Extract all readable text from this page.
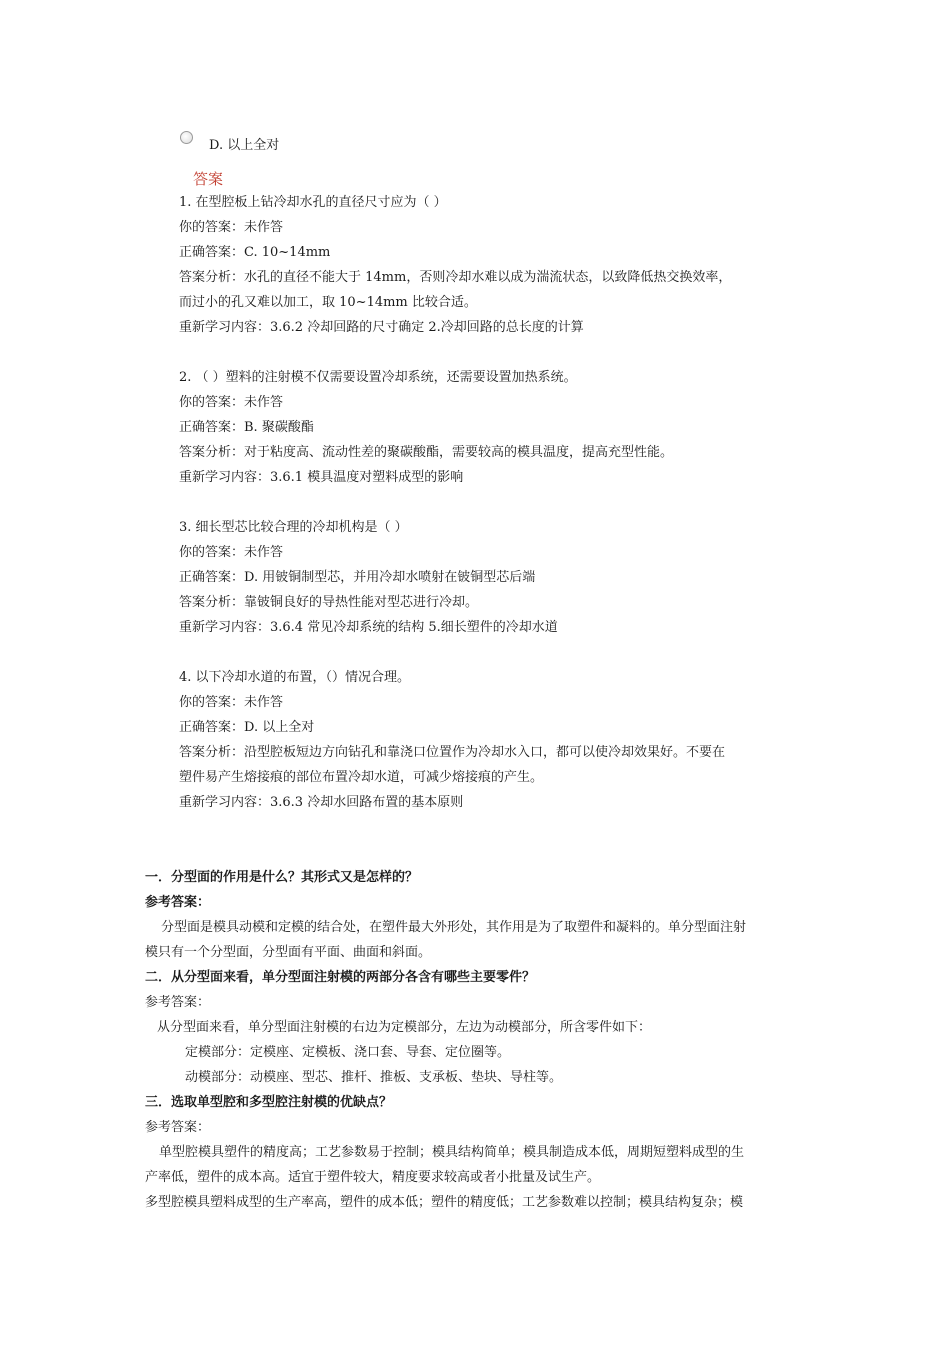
D. 以上全对
答案
1. 在型腔板上钻冷却水孔的直径尺寸应为（ ）
你的答案：未作答
正确答案：C. 10~14mm
答案分析：水孔的直径不能大于 14mm，否则冷却水难以成为湍流状态，以致降低热交换效率，
而过小的孔又难以加工，取 10~14mm 比较合适。
重新学习内容：3.6.2 冷却回路的尺寸确定 2.冷却回路的总长度的计算
2. （ ）塑料的注射模不仅需要设置冷却系统，还需要设置加热系统。
你的答案：未作答
正确答案：B. 聚碳酸酯
答案分析：对于粘度高、流动性差的聚碳酸酯，需要较高的模具温度，提高充型性能。
重新学习内容：3.6.1 模具温度对塑料成型的影响
3. 细长型芯比较合理的冷却机构是（ ）
你的答案：未作答
正确答案：D. 用铍铜制型芯，并用冷却水喷射在铍铜型芯后端
答案分析：靠铍铜良好的导热性能对型芯进行冷却。
重新学习内容：3.6.4 常见冷却系统的结构 5.细长塑件的冷却水道
4. 以下冷却水道的布置，（）情况合理。
你的答案：未作答
正确答案：D. 以上全对
答案分析：沿型腔板短边方向钻孔和靠浇口位置作为冷却水入口，都可以使冷却效果好。不要在
塑件易产生熔接痕的部位布置冷却水道，可减少熔接痕的产生。
重新学习内容：3.6.3 冷却水回路布置的基本原则
一．分型面的作用是什么？其形式又是怎样的？
参考答案：
分型面是模具动模和定模的结合处，在塑件最大外形处，其作用是为了取塑件和凝料的。单分型面注射
模只有一个分型面，分型面有平面、曲面和斜面。
二．从分型面来看，单分型面注射模的两部分各含有哪些主要零件？
参考答案：
从分型面来看，单分型面注射模的右边为定模部分，左边为动模部分，所含零件如下：
定模部分：定模座、定模板、浇口套、导套、定位圈等。
动模部分：动模座、型芯、推杆、推板、支承板、垫块、导柱等。
三．选取单型腔和多型腔注射模的优缺点？
参考答案：
单型腔模具塑件的精度高；工艺参数易于控制；模具结构简单；模具制造成本低，周期短塑料成型的生
产率低，塑件的成本高。适宜于塑件较大，精度要求较高或者小批量及试生产。
多型腔模具塑料成型的生产率高，塑件的成本低；塑件的精度低；工艺参数难以控制；模具结构复杂；模
